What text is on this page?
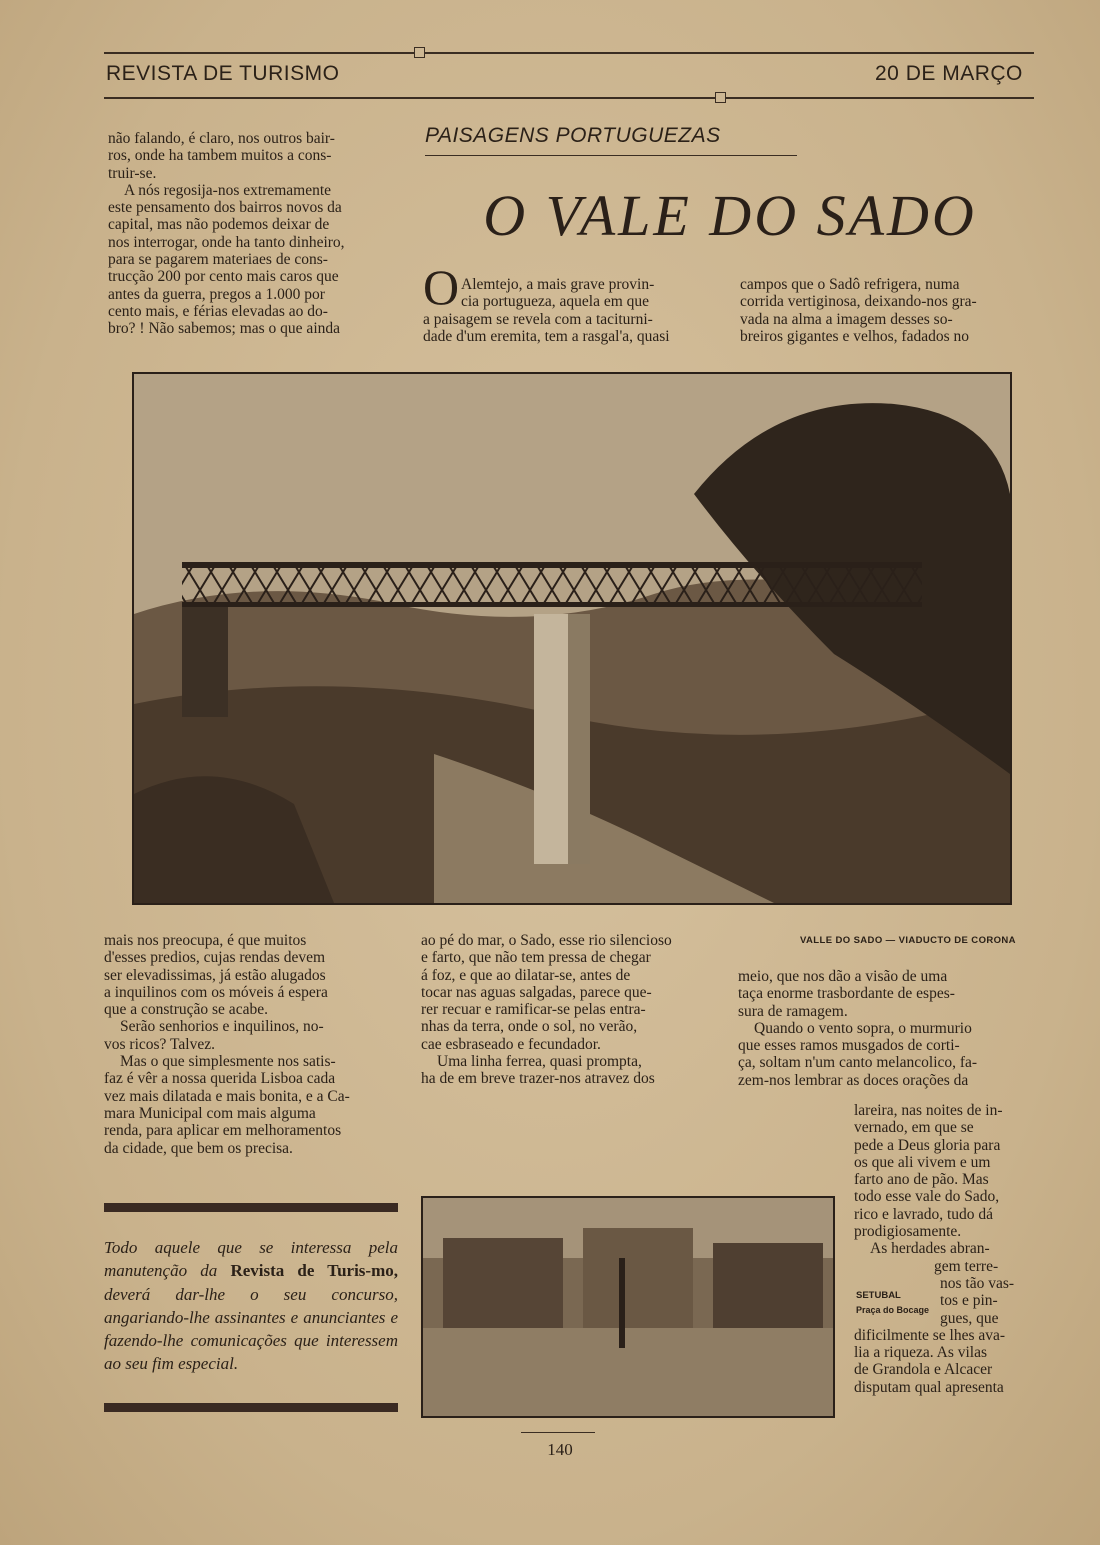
REVISTA DE TURISMO	20 DE MARÇO

não falando, é claro, nos outros bair-

ros, onde ha tambem muitos a cons-

truir-se.

A nós regosija-nos extremamente

este pensamento dos bairros novos da

capital, mas não podemos deixar de

nos interrogar, onde ha tanto dinheiro,

para se pagarem materiaes de cons-

trucção 200 por cento mais caros que

antes da guerra, pregos a 1.000 por

cento mais, e férias elevadas ao do-

bro? ! Não sabemos; mas o que ainda

PAISAGENS PORTUGUEZAS
O VALE DO SADO
O Alemtejo, a mais grave provin-

cia portugueza, aquela em que

a paisagem se revela com a taciturni-

dade d'um eremita, tem a rasgal'a, quasi

campos que o Sadô refrigera, numa

corrida vertiginosa, deixando-nos gra-

vada na alma a imagem desses so-

breiros gigantes e velhos, fadados no

VALLE DO SADO — VIADUCTO DE CORONA

mais nos preocupa, é que muitos

d'esses predios, cujas rendas devem

ser elevadissimas, já estão alugados

a inquilinos com os móveis á espera

que a construção se acabe.

Serão senhorios e inquilinos, no-

vos ricos? Talvez.

Mas o que simplesmente nos satis-

faz é vêr a nossa querida Lisboa cada

vez mais dilatada e mais bonita, e a Ca-

mara Municipal com mais alguma

renda, para aplicar em melhoramentos

da cidade, que bem os precisa.

ao pé do mar, o Sado, esse rio silencioso

e farto, que não tem pressa de chegar

á foz, e que ao dilatar-se, antes de

tocar nas aguas salgadas, parece que-

rer recuar e ramificar-se pelas entra-

nhas da terra, onde o sol, no verão,

cae esbraseado e fecundador.

Uma linha ferrea, quasi prompta,

ha de em breve trazer-nos atravez dos

meio, que nos dão a visão de uma

taça enorme trasbordante de espes-

sura de ramagem.

Quando o vento sopra, o murmurio

que esses ramos musgados de corti-

ça, soltam n'um canto melancolico, fa-

zem-nos lembrar as doces orações da

SETUBAL
Praça do Bocage

lareira, nas noites de in-

vernado, em que se

pede a Deus gloria para

os que ali vivem e um

farto ano de pão. Mas

todo esse vale do Sado,

rico e lavrado, tudo dá

prodigiosamente.

As herdades abran-

gem terre-

nos tão vas-

tos e pin-

gues, que

dificilmente se lhes ava-

lia a riqueza. As vilas

de Grandola e Alcacer

disputam qual apresenta

Todo aquele que se interessa pela manutenção da Revista de Turis-mo, deverá dar-lhe o seu concurso, angariando-lhe assinantes e anunciantes e fazendo-lhe comunicações que interessem ao seu fim especial.
140
